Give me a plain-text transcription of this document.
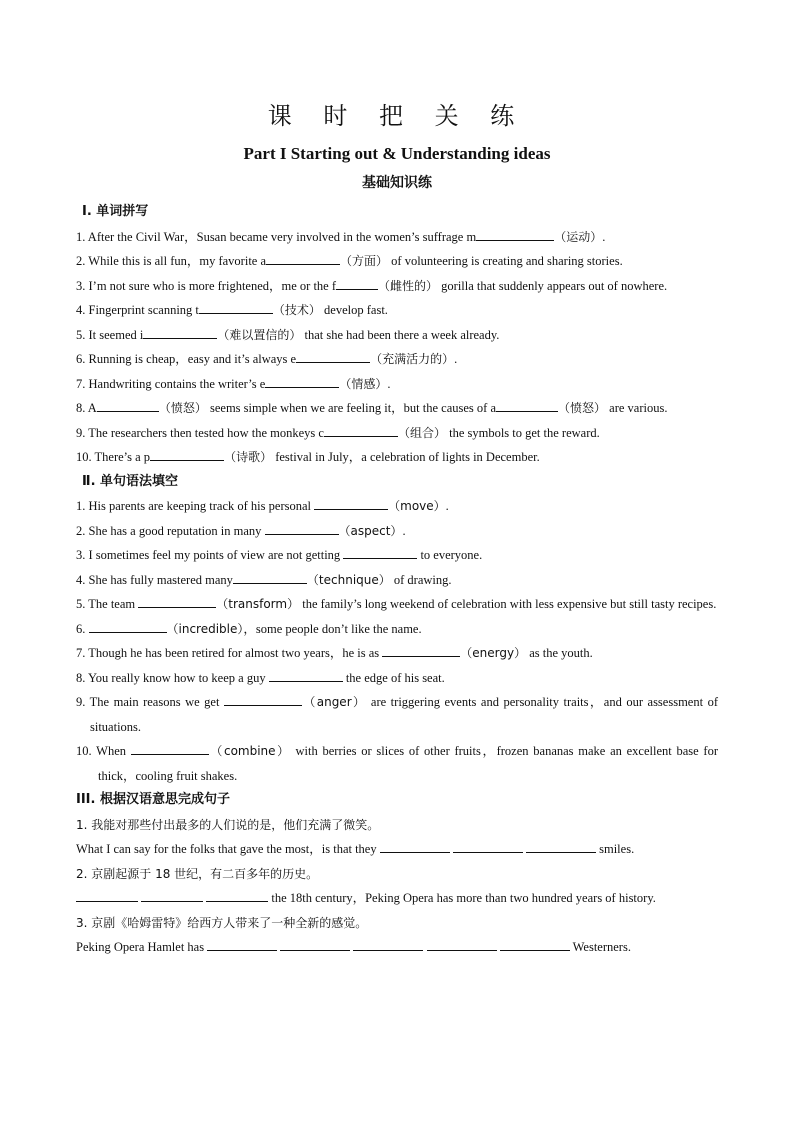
课 时 把 关 练
Part I Starting out & Understanding ideas
基础知识练
Ⅰ. 单词拼写
1. After the Civil War，Susan became very involved in the women’s suffrage m	（运动）.
2. While this is all fun，my favorite a	（方面） of volunteering is creating and sharing stories.
3. I’m not sure who is more frightened，me or the f	（雌性的） gorilla that suddenly appears out of nowhere.
4. Fingerprint scanning t	（技术） develop fast.
5. It seemed i	（难以置信的） that she had been there a week already.
6. Running is cheap，easy and it’s always e	（充满活力的）.
7. Handwriting contains the writer’s e	（情感）.
8. A	（愤怒） seems simple when we are feeling it，but the causes of a	（愤怒） are various.
9. The researchers then tested how the monkeys c	（组合） the symbols to get the reward.
10. There’s a p	（诗歌） festival in July，a celebration of lights in December.
Ⅱ. 单句语法填空
1. His parents are keeping track of his personal	（move）.
2. She has a good reputation in many	（aspect）.
3. I sometimes feel my points of view are not getting	to everyone.
4. She has fully mastered many	（technique） of drawing.
5. The team	（transform） the family’s long weekend of celebration with less expensive but still tasty recipes.
6.	（incredible），some people don’t like the name.
7. Though he has been retired for almost two years，he is as	（energy） as the youth.
8. You really know how to keep a guy	the edge of his seat.
9. The main reasons we get	（anger） are triggering events and personality traits，and our assessment of situations.
10. When	（combine） with berries or slices of other fruits，frozen bananas make an excellent base for thick，cooling fruit shakes.
III. 根据汉语意思完成句子
1. 我能对那些付出最多的人们说的是，他们充满了微笑。
What I can say for the folks that gave the most，is that they	smiles.
2. 京剧起源于 18 世纪，有二百多年的历史。
the 18th century，Peking Opera has more than two hundred years of history.
3. 京剧《哈姆雷特》给西方人带来了一种全新的感觉。
Peking Opera Hamlet has	Westerners.
